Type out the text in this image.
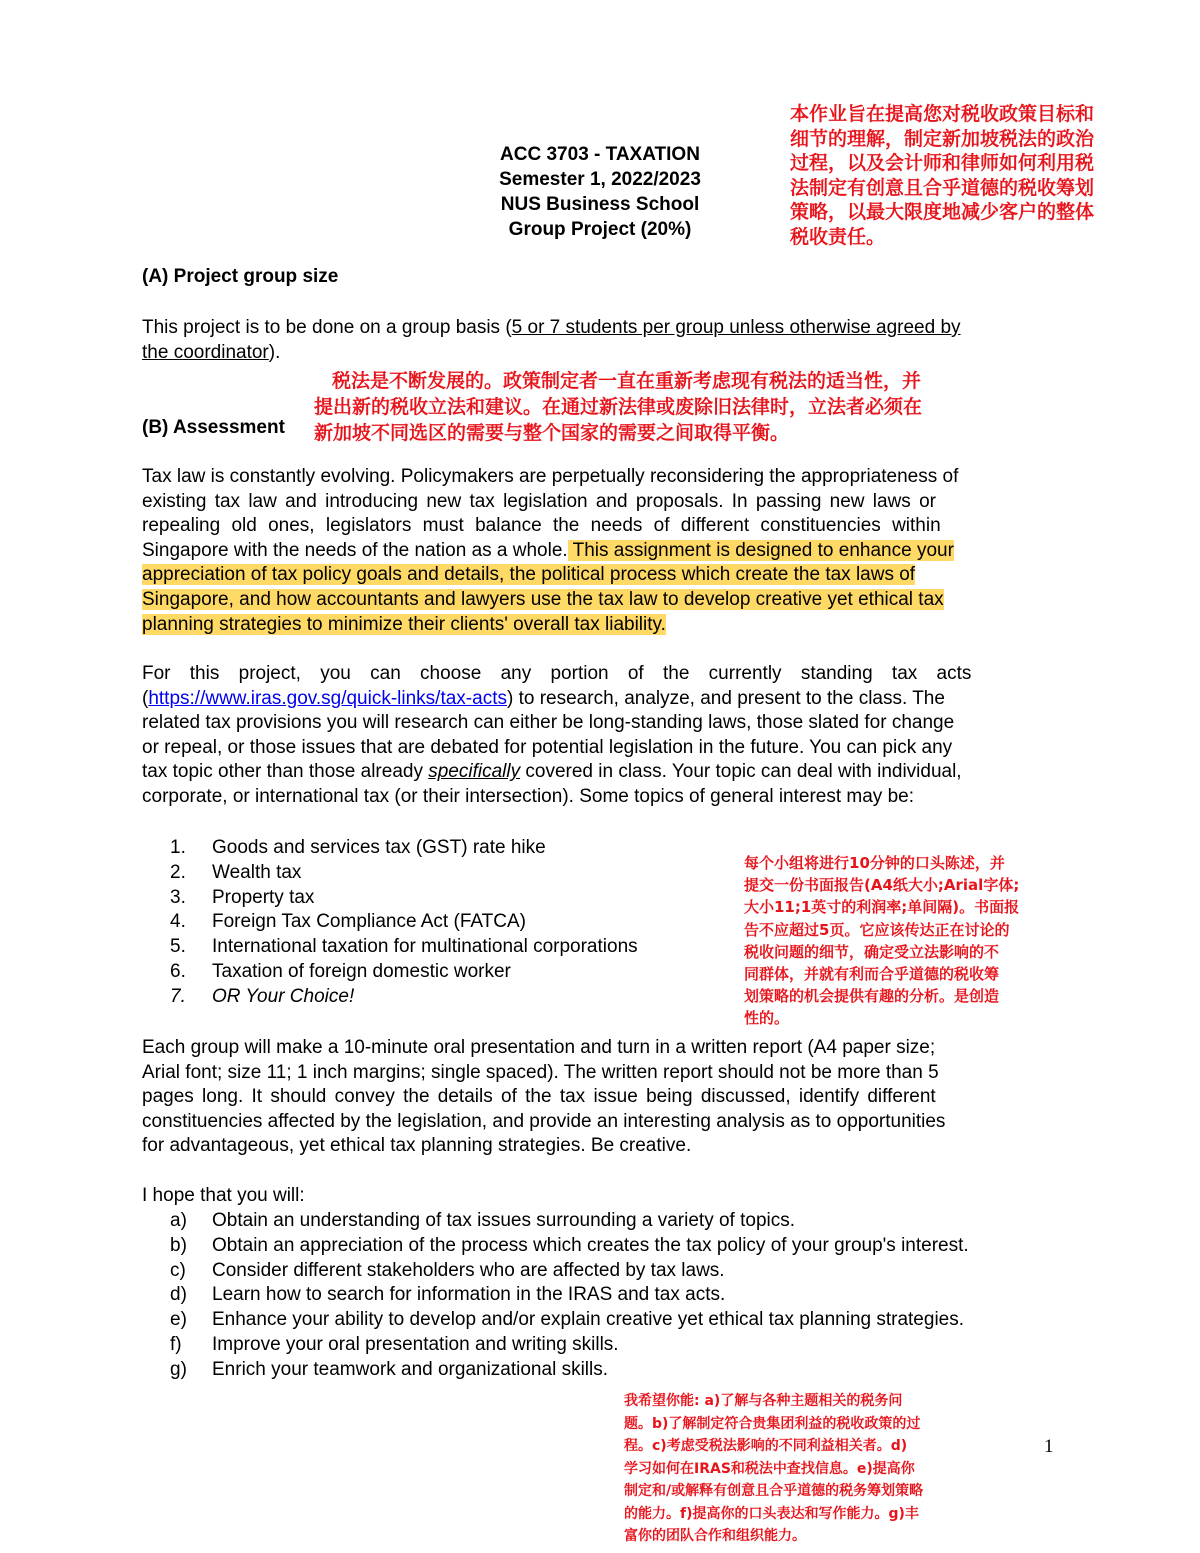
ACC 3703 - TAXATION
Semester 1, 2022/2023
NUS Business School
Group Project (20%)
本作业旨在提高您对税收政策目标和
细节的理解，制定新加坡税法的政治
过程，以及会计师和律师如何利用税
法制定有创意且合乎道德的税收筹划
策略，以最大限度地减少客户的整体
税收责任。
(A) Project group size
This project is to be done on a group basis (5 or 7 students per group unless otherwise agreed by
the coordinator).
税法是不断发展的。政策制定者一直在重新考虑现有税法的适当性，并
提出新的税收立法和建议。在通过新法律或废除旧法律时，立法者必须在
新加坡不同选区的需要与整个国家的需要之间取得平衡。
(B) Assessment
Tax law is constantly evolving. Policymakers are perpetually reconsidering the appropriateness of
existing tax law and introducing new tax legislation and proposals. In passing new laws or
repealing old ones, legislators must balance the needs of different constituencies within
Singapore with the needs of the nation as a whole. This assignment is designed to enhance your
appreciation of tax policy goals and details, the political process which create the tax laws of
Singapore, and how accountants and lawyers use the tax law to develop creative yet ethical tax
planning strategies to minimize their clients' overall tax liability.
For this project, you can choose any portion of the currently standing tax acts
(https://www.iras.gov.sg/quick-links/tax-acts) to research, analyze, and present to the class. The
related tax provisions you will research can either be long-standing laws, those slated for change
or repeal, or those issues that are debated for potential legislation in the future. You can pick any
tax topic other than those already specifically covered in class. Your topic can deal with individual,
corporate, or international tax (or their intersection). Some topics of general interest may be:
1.	Goods and services tax (GST) rate hike
2.	Wealth tax
3.	Property tax
4.	Foreign Tax Compliance Act (FATCA)
5.	International taxation for multinational corporations
6.	Taxation of foreign domestic worker
7.	OR Your Choice!
每个小组将进行10分钟的口头陈述，并
提交一份书面报告(A4纸大小;Arial字体;
大小11;1英寸的利润率;单间隔)。书面报
告不应超过5页。它应该传达正在讨论的
税收问题的细节，确定受立法影响的不
同群体，并就有利而合乎道德的税收筹
划策略的机会提供有趣的分析。是创造
性的。
Each group will make a 10-minute oral presentation and turn in a written report (A4 paper size;
Arial font; size 11; 1 inch margins; single spaced). The written report should not be more than 5
pages long. It should convey the details of the tax issue being discussed, identify different
constituencies affected by the legislation, and provide an interesting analysis as to opportunities
for advantageous, yet ethical tax planning strategies. Be creative.
I hope that you will:
a)	Obtain an understanding of tax issues surrounding a variety of topics.
b)	Obtain an appreciation of the process which creates the tax policy of your group's interest.
c)	Consider different stakeholders who are affected by tax laws.
d)	Learn how to search for information in the IRAS and tax acts.
e)	Enhance your ability to develop and/or explain creative yet ethical tax planning strategies.
f)	Improve your oral presentation and writing skills.
g)	Enrich your teamwork and organizational skills.
我希望你能: a)了解与各种主题相关的税务问
题。b)了解制定符合贵集团利益的税收政策的过
程。c)考虑受税法影响的不同利益相关者。d)
学习如何在IRAS和税法中查找信息。e)提高你
制定和/或解释有创意且合乎道德的税务筹划策略
的能力。f)提高你的口头表达和写作能力。g)丰
富你的团队合作和组织能力。
1
